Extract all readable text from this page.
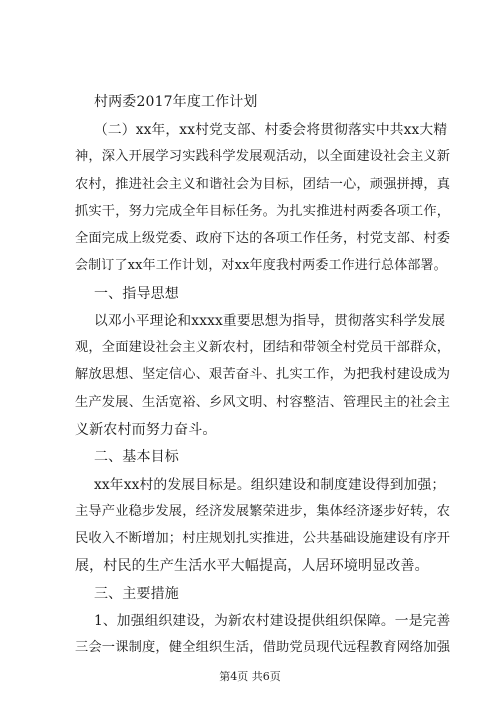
村两委2017年度工作计划
（二）xx年，xx村党支部、村委会将贯彻落实中共xx大精
神，深入开展学习实践科学发展观活动，以全面建设社会主义新
农村，推进社会主义和谐社会为目标，团结一心，顽强拼搏，真
抓实干，努力完成全年目标任务。为扎实推进村两委各项工作，
全面完成上级党委、政府下达的各项工作任务，村党支部、村委
会制订了xx年工作计划，对xx年度我村两委工作进行总体部署。
一、指导思想
以邓小平理论和xxxx重要思想为指导，贯彻落实科学发展
观，全面建设社会主义新农村，团结和带领全村党员干部群众，
解放思想、坚定信心、艰苦奋斗、扎实工作，为把我村建设成为
生产发展、生活宽裕、乡风文明、村容整洁、管理民主的社会主
义新农村而努力奋斗。
二、基本目标
xx年xx村的发展目标是。组织建设和制度建设得到加强；
主导产业稳步发展，经济发展繁荣进步，集体经济逐步好转，农
民收入不断增加；村庄规划扎实推进，公共基础设施建设有序开
展，村民的生产生活水平大幅提高，人居环境明显改善。
三、主要措施
1、加强组织建设，为新农村建设提供组织保障。一是完善
三会一课制度，健全组织生活，借助党员现代远程教育网络加强
第4页 共6页
